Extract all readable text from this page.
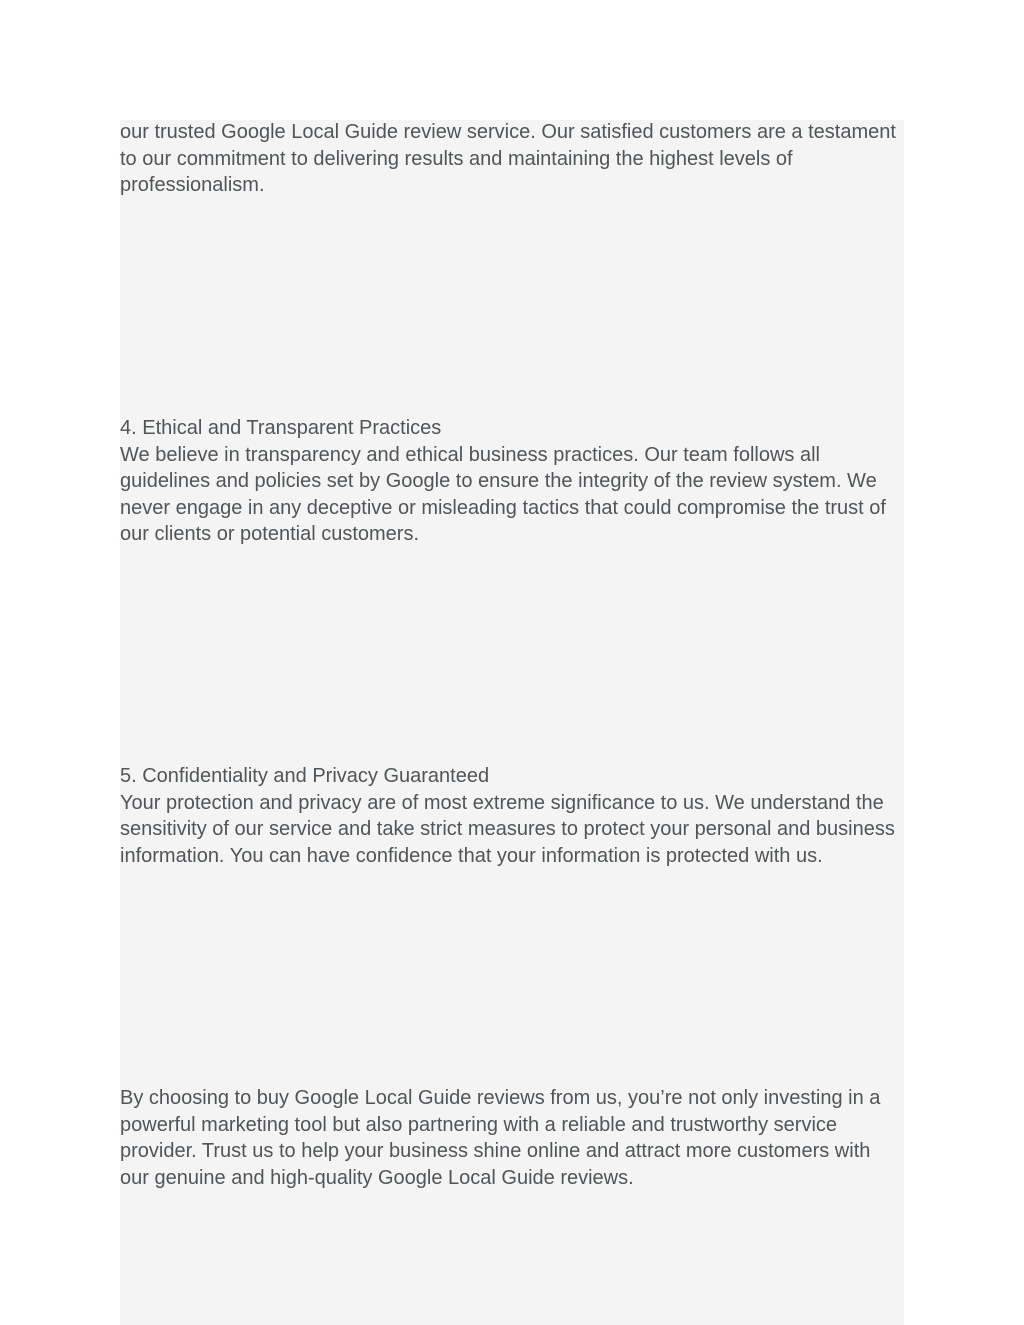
our trusted Google Local Guide review service. Our satisfied customers are a testament to our commitment to delivering results and maintaining the highest levels of professionalism.

4. Ethical and Transparent Practices

We believe in transparency and ethical business practices. Our team follows all guidelines and policies set by Google to ensure the integrity of the review system. We never engage in any deceptive or misleading tactics that could compromise the trust of our clients or potential customers.

5. Confidentiality and Privacy Guaranteed

Your protection and privacy are of most extreme significance to us. We understand the sensitivity of our service and take strict measures to protect your personal and business information. You can have confidence that your information is protected with us.

By choosing to buy Google Local Guide reviews from us, you’re not only investing in a powerful marketing tool but also partnering with a reliable and trustworthy service provider. Trust us to help your business shine online and attract more customers with our genuine and high-quality Google Local Guide reviews.
